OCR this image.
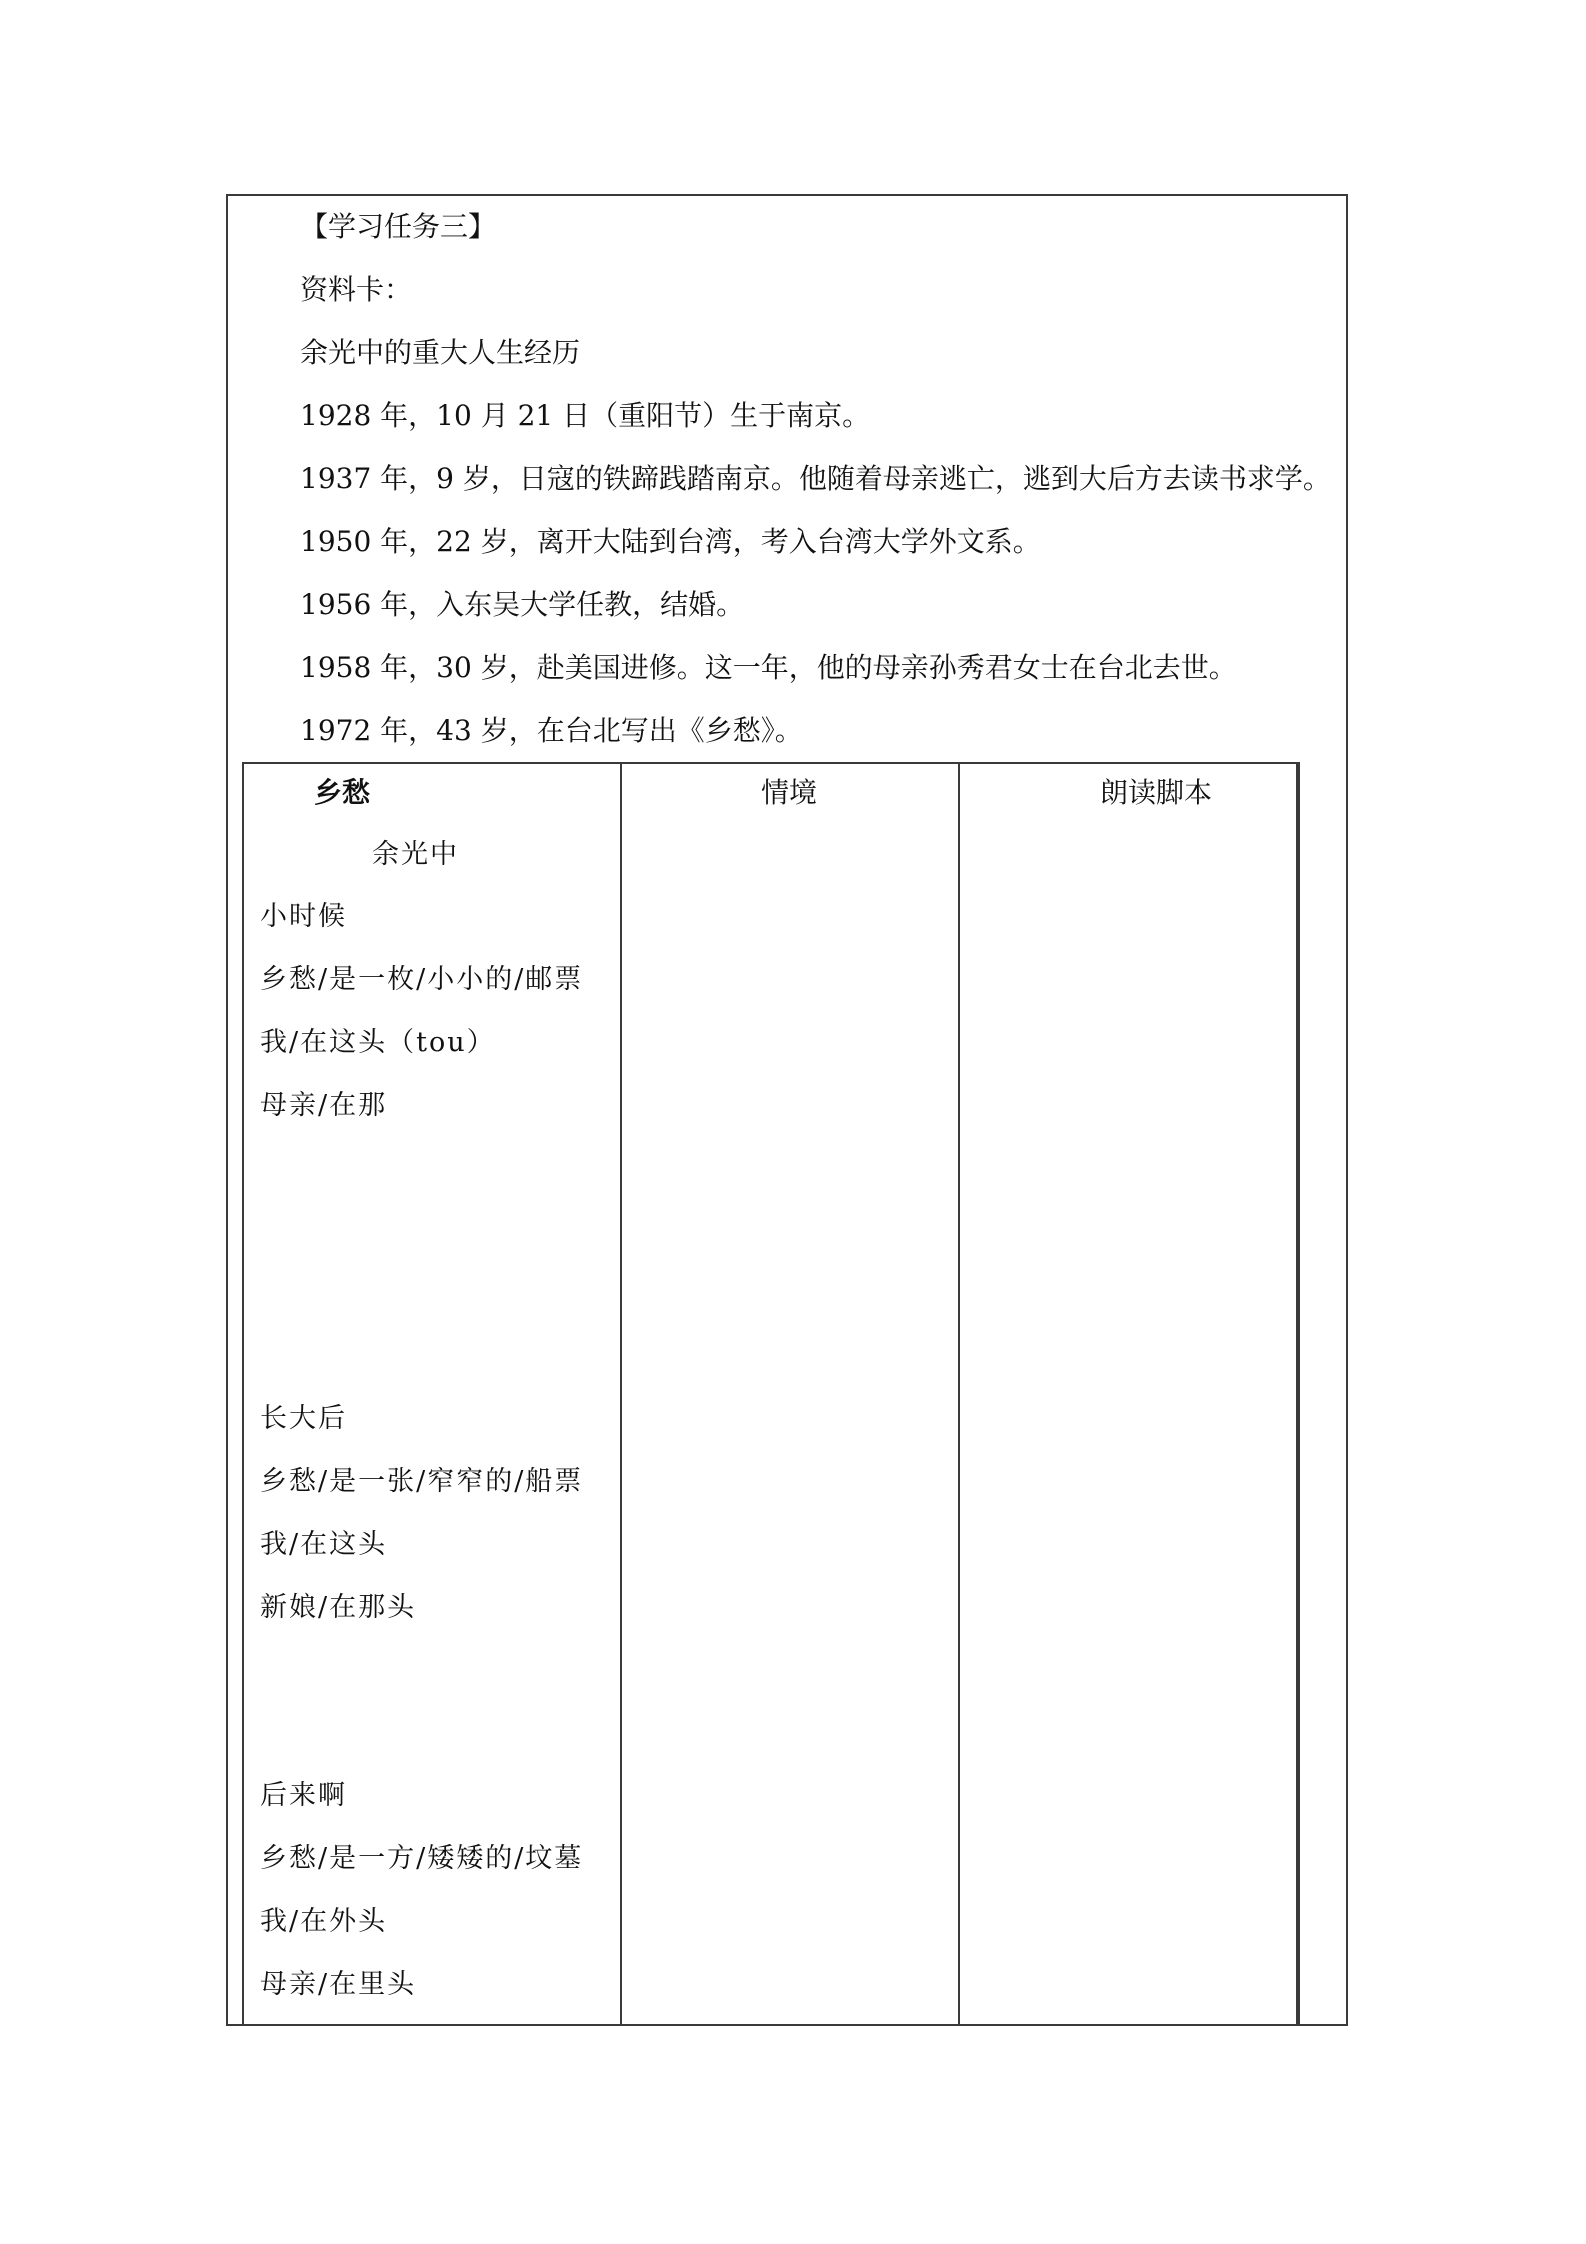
【学习任务三】
资料卡：
余光中的重大人生经历
1928 年，10 月 21 日（重阳节）生于南京。
1937 年，9 岁，日寇的铁蹄践踏南京。他随着母亲逃亡，逃到大后方去读书求学。
1950 年，22 岁，离开大陆到台湾，考入台湾大学外文系。
1956 年，入东吴大学任教，结婚。
1958 年，30 岁，赴美国进修。这一年，他的母亲孙秀君女士在台北去世。
1972 年，43 岁，在台北写出《乡愁》。
乡愁	情境	朗读脚本
余光中
小时候
乡愁/是一枚/小小的/邮票
我/在这头（tou）
母亲/在那
长大后
乡愁/是一张/窄窄的/船票
我/在这头
新娘/在那头
后来啊
乡愁/是一方/矮矮的/坟墓
我/在外头
母亲/在里头
